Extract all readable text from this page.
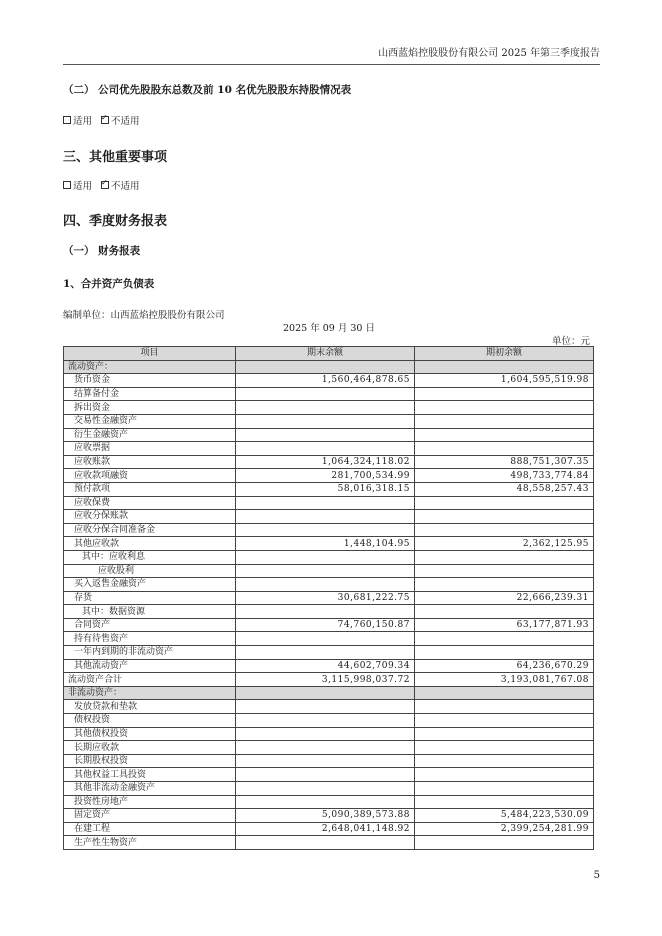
山西蓝焰控股股份有限公司 2025 年第三季度报告

（二） 公司优先股股东总数及前 10 名优先股股东持股情况表

适用 ✓ 不适用

三、其他重要事项

适用 ✓ 不适用

四、季度财务报表

（一） 财务报表

1、合并资产负债表

编制单位：山西蓝焰控股股份有限公司
2025 年 09 月 30 日
单位：元
项目	期末余额	期初余额
流动资产：		
货币资金	1,560,464,878.65	1,604,595,519.98
结算备付金		
拆出资金		
交易性金融资产		
衍生金融资产		
应收票据		
应收账款	1,064,324,118.02	888,751,307.35
应收款项融资	281,700,534.99	498,733,774.84
预付款项	58,016,318.15	48,558,257.43
应收保费		
应收分保账款		
应收分保合同准备金		
其他应收款	1,448,104.95	2,362,125.95
其中：应收利息		
应收股利		
买入返售金融资产		
存货	30,681,222.75	22,666,239.31
其中：数据资源		
合同资产	74,760,150.87	63,177,871.93
持有待售资产		
一年内到期的非流动资产		
其他流动资产	44,602,709.34	64,236,670.29
流动资产合计	3,115,998,037.72	3,193,081,767.08
非流动资产：		
发放贷款和垫款		
债权投资		
其他债权投资		
长期应收款		
长期股权投资		
其他权益工具投资		
其他非流动金融资产		
投资性房地产		
固定资产	5,090,389,573.88	5,484,223,530.09
在建工程	2,648,041,148.92	2,399,254,281.99
生产性生物资产		
5
